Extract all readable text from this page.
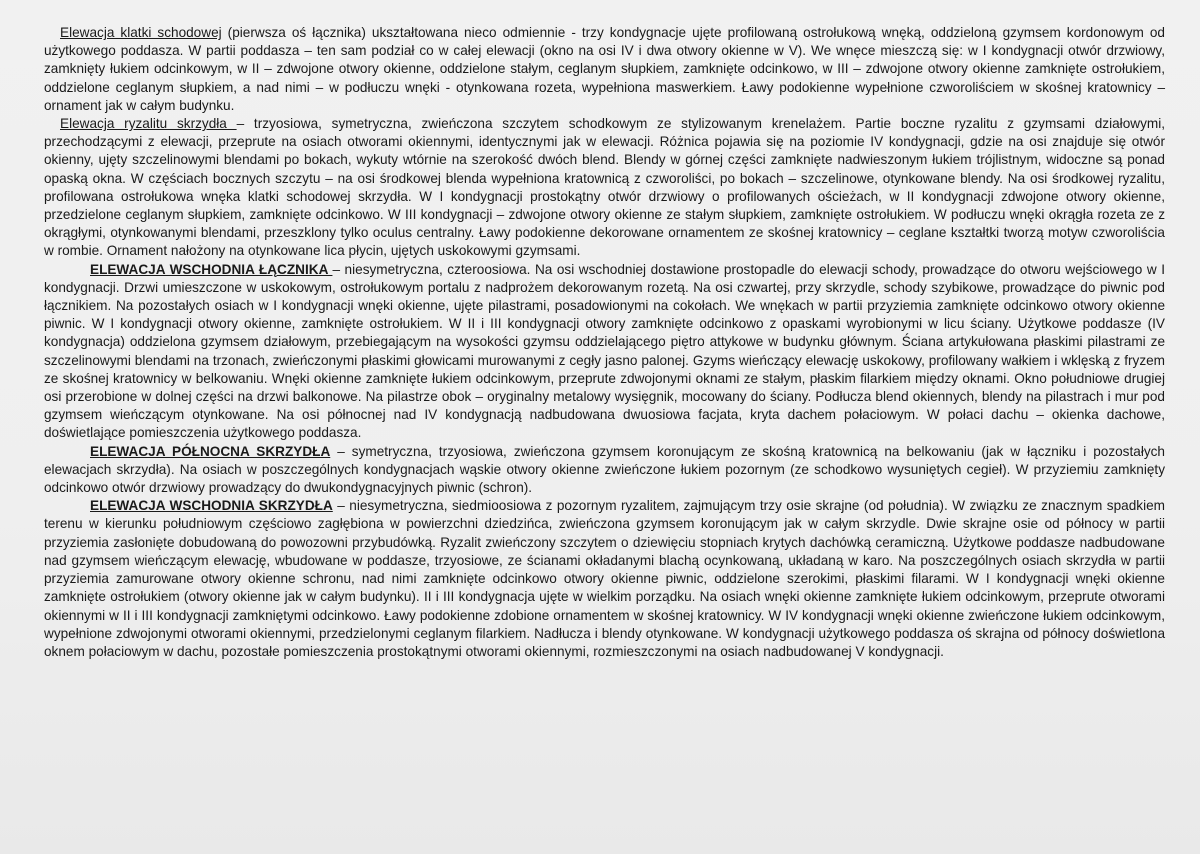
Elewacja klatki schodowej (pierwsza oś łącznika) ukształtowana nieco odmiennie - trzy kondygnacje ujęte profilowaną ostrołukową wnęką, oddzieloną gzymsem kordonowym od użytkowego poddasza. W partii poddasza – ten sam podział co w całej elewacji (okno na osi IV i dwa otwory okienne w V). We wnęce mieszczą się: w I kondygnacji otwór drzwiowy, zamknięty łukiem odcinkowym, w II – zdwojone otwory okienne, oddzielone stałym, ceglanym słupkiem, zamknięte odcinkowo, w III – zdwojone otwory okienne zamknięte ostrołukiem, oddzielone ceglanym słupkiem, a nad nimi – w podłuczu wnęki - otynkowana rozeta, wypełniona maswerkiem. Ławy podokienne wypełnione czworoliściem w skośnej kratownicy – ornament jak w całym budynku.

Elewacja ryzalitu skrzydła – trzyosiowa, symetryczna, zwieńczona szczytem schodkowym ze stylizowanym krenelażem. Partie boczne ryzalitu z gzymsami działowymi, przechodzącymi z elewacji, przeprute na osiach otworami okiennymi, identycznymi jak w elewacji. Różnica pojawia się na poziomie IV kondygnacji, gdzie na osi znajduje się otwór okienny, ujęty szczelinowymi blendami po bokach, wykuty wtórnie na szerokość dwóch blend. Blendy w górnej części zamknięte nadwieszonym łukiem trójlistnym, widoczne są ponad opaską okna. W częściach bocznych szczytu – na osi środkowej blenda wypełniona kratownicą z czworoliści, po bokach – szczelinowe, otynkowane blendy. Na osi środkowej ryzalitu, profilowana ostrołukowa wnęka klatki schodowej skrzydła. W I kondygnacji prostokątny otwór drzwiowy o profilowanych ościeżach, w II kondygnacji zdwojone otwory okienne, przedzielone ceglanym słupkiem, zamknięte odcinkowo. W III kondygnacji – zdwojone otwory okienne ze stałym słupkiem, zamknięte ostrołukiem. W podłuczu wnęki okrągła rozeta ze z okrągłymi, otynkowanymi blendami, przeszklony tylko oculus centralny. Ławy podokienne dekorowane ornamentem ze skośnej kratownicy – ceglane kształtki tworzą motyw czworoliścia w rombie. Ornament nałożony na otynkowane lica płycin, ujętych uskokowymi gzymsami.

ELEWACJA WSCHODNIA ŁĄCZNIKA – niesymetryczna, czteroosiowa. Na osi wschodniej dostawione prostopadle do elewacji schody, prowadzące do otworu wejściowego w I kondygnacji. Drzwi umieszczone w uskokowym, ostrołukowym portalu z nadprożem dekorowanym rozetą. Na osi czwartej, przy skrzydle, schody szybikowe, prowadzące do piwnic pod łącznikiem. Na pozostałych osiach w I kondygnacji wnęki okienne, ujęte pilastrami, posadowionymi na cokołach. We wnękach w partii przyziemia zamknięte odcinkowo otwory okienne piwnic. W I kondygnacji otwory okienne, zamknięte ostrołukiem. W II i III kondygnacji otwory zamknięte odcinkowo z opaskami wyrobionymi w licu ściany. Użytkowe poddasze (IV kondygnacja) oddzielona gzymsem działowym, przebiegającym na wysokości gzymsu oddzielającego piętro attykowe w budynku głównym. Ściana artykułowana płaskimi pilastrami ze szczelinowymi blendami na trzonach, zwieńczonymi płaskimi głowicami murowanymi z cegły jasno palonej. Gzyms wieńczący elewację uskokowy, profilowany wałkiem i wklęską z fryzem ze skośnej kratownicy w belkowaniu. Wnęki okienne zamknięte łukiem odcinkowym, przeprute zdwojonymi oknami ze stałym, płaskim filarkiem między oknami. Okno południowe drugiej osi przerobione w dolnej części na drzwi balkonowe. Na pilastrze obok – oryginalny metalowy wysięgnik, mocowany do ściany. Podłucza blend okiennych, blendy na pilastrach i mur pod gzymsem wieńczącym otynkowane. Na osi północnej nad IV kondygnacją nadbudowana dwuosiowa facjata, kryta dachem połaciowym. W połaci dachu – okienka dachowe, doświetlające pomieszczenia użytkowego poddasza.

ELEWACJA PÓŁNOCNA SKRZYDŁA – symetryczna, trzyosiowa, zwieńczona gzymsem koronującym ze skośną kratownicą na belkowaniu (jak w łączniku i pozostałych elewacjach skrzydła). Na osiach w poszczególnych kondygnacjach wąskie otwory okienne zwieńczone łukiem pozornym (ze schodkowo wysuniętych cegieł). W przyziemiu zamknięty odcinkowo otwór drzwiowy prowadzący do dwukondygnacyjnych piwnic (schron).

ELEWACJA WSCHODNIA SKRZYDŁA – niesymetryczna, siedmioosiowa z pozornym ryzalitem, zajmującym trzy osie skrajne (od południa). W związku ze znacznym spadkiem terenu w kierunku południowym częściowo zagłębiona w powierzchni dziedzińca, zwieńczona gzymsem koronującym jak w całym skrzydle. Dwie skrajne osie od północy w partii przyziemia zasłonięte dobudowaną do powozowni przybudówką. Ryzalit zwieńczony szczytem o dziewięciu stopniach krytych dachówką ceramiczną. Użytkowe poddasze nadbudowane nad gzymsem wieńczącym elewację, wbudowane w poddasze, trzyosiowe, ze ścianami okładanymi blachą ocynkowaną, układaną w karo. Na poszczególnych osiach skrzydła w partii przyziemia zamurowane otwory okienne schronu, nad nimi zamknięte odcinkowo otwory okienne piwnic, oddzielone szerokimi, płaskimi filarami. W I kondygnacji wnęki okienne zamknięte ostrołukiem (otwory okienne jak w całym budynku). II i III kondygnacja ujęte w wielkim porządku. Na osiach wnęki okienne zamknięte łukiem odcinkowym, przeprute otworami okiennymi w II i III kondygnacji zamkniętymi odcinkowo. Ławy podokienne zdobione ornamentem w skośnej kratownicy. W IV kondygnacji wnęki okienne zwieńczone łukiem odcinkowym, wypełnione zdwojonymi otworami okiennymi, przedzielonymi ceglanym filarkiem. Nadłucza i blendy otynkowane. W kondygnacji użytkowego poddasza oś skrajna od północy doświetlona oknem połaciowym w dachu, pozostałe pomieszczenia prostokątnymi otworami okiennymi, rozmieszczonymi na osiach nadbudowanej V kondygnacji.
